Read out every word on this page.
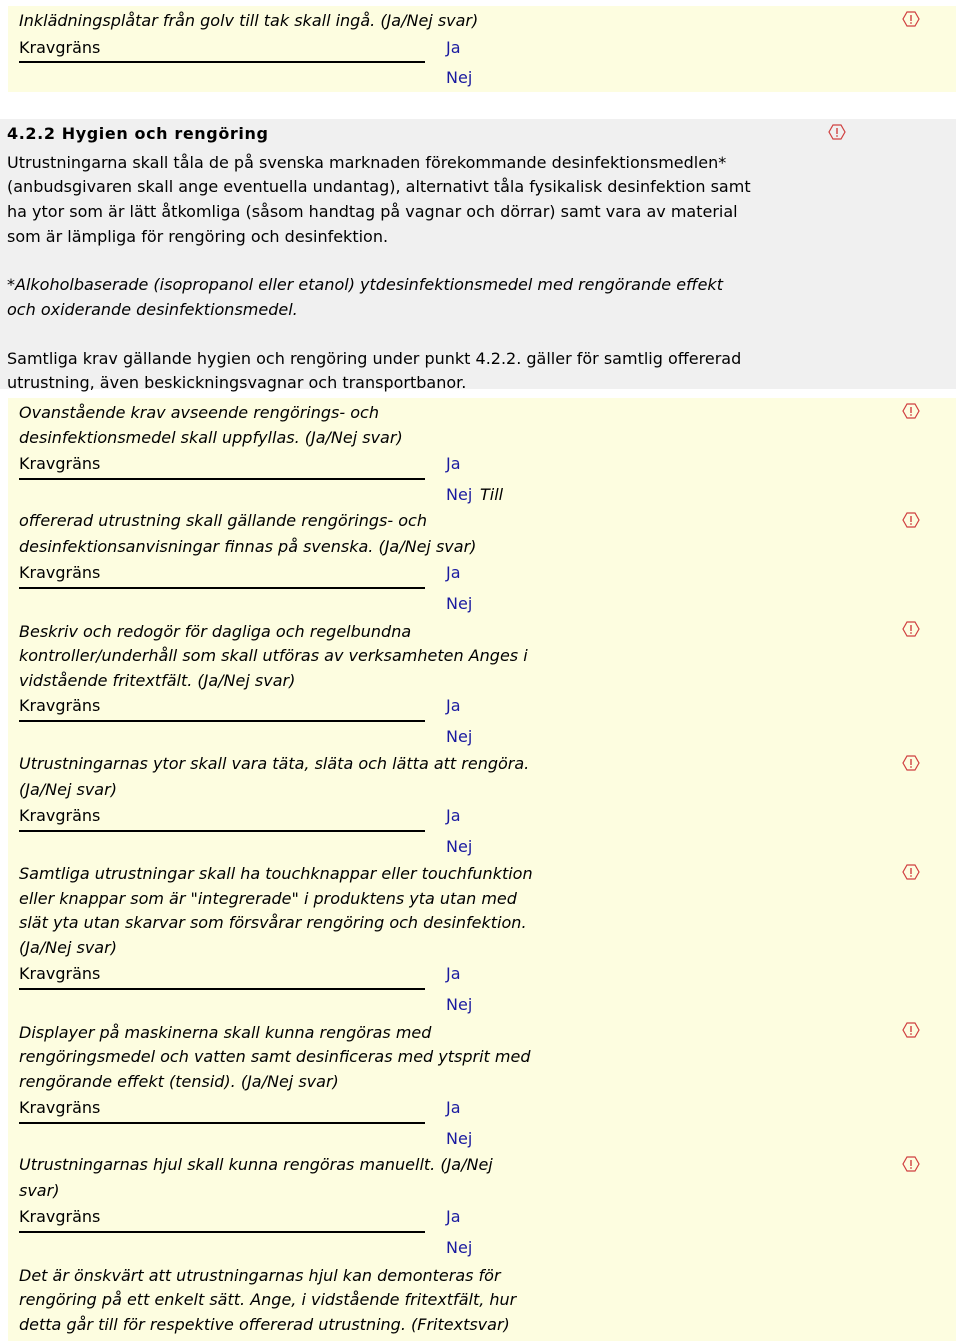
Inklädningsplåtar från golv till tak skall ingå. (Ja/Nej svar)
Kravgräns	Ja
Nej
4.2.2 Hygien och rengöring
Utrustningarna skall tåla de på svenska marknaden förekommande desinfektionsmedlen*
(anbudsgivaren skall ange eventuella undantag), alternativt tåla fysikalisk desinfektion samt
ha ytor som är lätt åtkomliga (såsom handtag på vagnar och dörrar) samt vara av material
som är lämpliga för rengöring och desinfektion.
*Alkoholbaserade (isopropanol eller etanol) ytdesinfektionsmedel med rengörande effekt
och oxiderande desinfektionsmedel.
Samtliga krav gällande hygien och rengöring under punkt 4.2.2. gäller för samtlig offererad
utrustning, även beskickningsvagnar och transportbanor.
Ovanstående krav avseende rengörings- och
desinfektionsmedel skall uppfyllas. (Ja/Nej svar)
Kravgräns	Ja
Nej Till
offererad utrustning skall gällande rengörings- och
desinfektionsanvisningar finnas på svenska. (Ja/Nej svar)
Kravgräns	Ja
Nej
Beskriv och redogör för dagliga och regelbundna
kontroller/underhåll som skall utföras av verksamheten Anges i
vidstående fritextfält. (Ja/Nej svar)
Kravgräns	Ja
Nej
Utrustningarnas ytor skall vara täta, släta och lätta att rengöra.
(Ja/Nej svar)
Kravgräns	Ja
Nej
Samtliga utrustningar skall ha touchknappar eller touchfunktion
eller knappar som är "integrerade" i produktens yta utan med
slät yta utan skarvar som försvårar rengöring och desinfektion.
(Ja/Nej svar)
Kravgräns	Ja
Nej
Displayer på maskinerna skall kunna rengöras med
rengöringsmedel och vatten samt desinficeras med ytsprit med
rengörande effekt (tensid). (Ja/Nej svar)
Kravgräns	Ja
Nej
Utrustningarnas hjul skall kunna rengöras manuellt. (Ja/Nej
svar)
Kravgräns	Ja
Nej
Det är önskvärt att utrustningarnas hjul kan demonteras för
rengöring på ett enkelt sätt. Ange, i vidstående fritextfält, hur
detta går till för respektive offererad utrustning. (Fritextsvar)
